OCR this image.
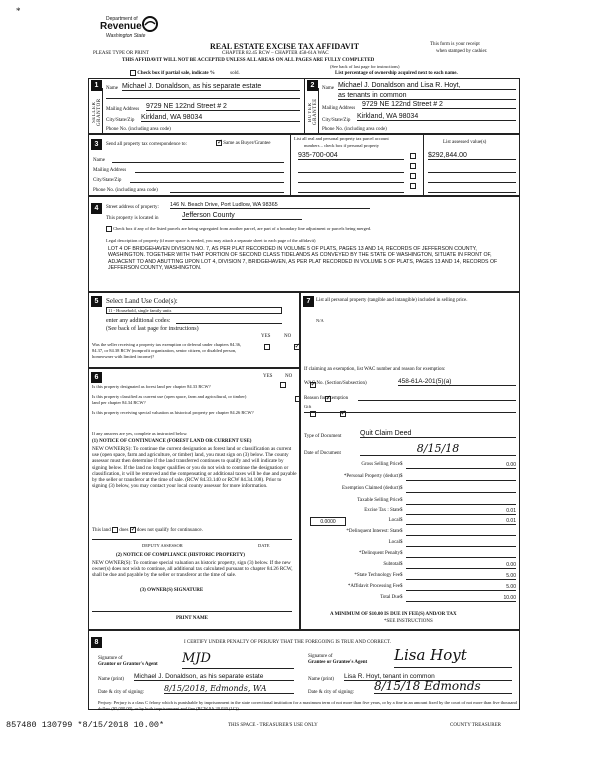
*
Department of
Revenue
Washington State
PLEASE TYPE OR PRINT
REAL ESTATE EXCISE TAX AFFIDAVIT
CHAPTER 82.45 RCW – CHAPTER 458-61A WAC
THIS AFFIDAVIT WILL NOT BE ACCEPTED UNLESS ALL AREAS ON ALL PAGES ARE FULLY COMPLETED
(See back of last page for instructions)
This form is your receipt
when stamped by cashier.
Check box if partial sale, indicate %	sold.	List percentage of ownership acquired next to each name.
1
SELLER GRANTOR
Name Michael J. Donaldson, as his separate estate
Mailing Address 9729 NE 122nd Street # 2
City/State/Zip Kirkland, WA 98034
Phone No. (including area code)
2
BUYER GRANTEE
Name Michael J. Donaldson and Lisa R. Hoyt,
as tenants in common
Mailing Address
9729 NE 122nd Street # 2
City/State/Zip
Kirkland, WA 98034
Phone No. (including area code)
3	Send all property tax correspondence to: ✓	Same as Buyer/Grantee
Name
Mailing Address
City/State/Zip
Phone No. (including area code)
List all real and personal property tax parcel account
numbers – check box if personal property
List assessed value(s)
935-700-004	$292,844.00
4	Street address of property: 146 N. Beach Drive, Port Ludlow, WA 98365
This property is located in	Jefferson County
Check box if any of the listed parcels are being segregated from another parcel, are part of a boundary line adjustment or parcels being merged.
Legal description of property (if more space is needed, you may attach a separate sheet to each page of the affidavit)
LOT 4 OF BRIDGEHAVEN DIVISION NO. 7, AS PER PLAT RECORDED IN VOLUME 5 OF PLATS, PAGES 13 AND 14, RECORDS OF JEFFERSON COUNTY, WASHINGTON. TOGETHER WITH THAT PORTION OF SECOND CLASS TIDELANDS AS CONVEYED BY THE STATE OF WASHINGTON, SITUATE IN FRONT OF, ADJACENT TO AND ABUTTING UPON LOT 4, DIVISION 7, BRIDGEHAVEN, AS PER PLAT RECORDED IN VOLUME 5 OF PLATS, PAGES 13 AND 14, RECORDS OF JEFFERSON COUNTY, WASHINGTON.
5	Select Land Use Code(s):
11 - Household, single family units
enter any additional codes:
(See back of last page for instructions)
YES	NO
Was the seller receiving a property tax exemption or deferral under chapters 84.36, 84.37, or 84.38 RCW (nonprofit organization, senior citizen, or disabled person, homeowner with limited income)?
✓
6	YES	NO
Is this property designated as forest land per chapter 84.33 RCW?
✓
Is this property classified as current use (open space, farm and agricultural, or timber) land per chapter 84.34 RCW?
✓
Is this property receiving special valuation as historical property per chapter 84.26 RCW?
✓
If any answers are yes, complete as instructed below.
(1) NOTICE OF CONTINUANCE (FOREST LAND OR CURRENT USE)
NEW OWNER(S): To continue the current designation as forest land or classification as current use (open space, farm and agriculture, or timber) land, you must sign on (3) below. The county assessor must then determine if the land transferred continues to qualify and will indicate by signing below. If the land no longer qualifies or you do not wish to continue the designation or classification, it will be removed and the compensating or additional taxes will be due and payable by the seller or transferor at the time of sale. (RCW 84.33.140 or RCW 84.34.108). Prior to signing (3) below, you may contact your local county assessor for more information.
This land does ✓ does not qualify for continuance.
DEPUTY ASSESSOR	DATE
(2) NOTICE OF COMPLIANCE (HISTORIC PROPERTY)
NEW OWNER(S): To continue special valuation as historic property, sign (3) below. If the new owner(s) does not wish to continue, all additional tax calculated pursuant to chapter 84.26 RCW, shall be due and payable by the seller or transferor at the time of sale.
(3) OWNER(S) SIGNATURE
PRINT NAME
7	List all personal property (tangible and intangible) included in selling price.
N/A
If claiming an exemption, list WAC number and reason for exemption:
WAC No. (Section/Subsection)	458-61A-201(5)(a)
Reason for exemption
Gift
Type of Document	Quit Claim Deed
Date of Document	8/15/18
Gross Selling Price $	0.00
*Personal Property (deduct) $
Exemption Claimed (deduct) $
Taxable Selling Price $
Excise Tax : State $	0.01
0.0000	Local $	0.01
*Delinquent Interest: State $
Local $
*Delinquent Penalty $
Subtotal $	0.00
*State Technology Fee $	5.00
*Affidavit Processing Fee $	5.00
Total Due $	10.00
A MINIMUM OF $10.00 IS DUE IN FEE(S) AND/OR TAX
*SEE INSTRUCTIONS
8	I CERTIFY UNDER PENALTY OF PERJURY THAT THE FOREGOING IS TRUE AND CORRECT.
Signature of
Grantor or Grantor's Agent MJD	Signature of
Grantee or Grantee's Agent Lisa Hoyt
Name (print) Michael J. Donaldson, as his separate estate	Name (print) Lisa R. Hoyt, tenant in common
Date & city of signing: 8/15/2018, Edmonds, WA	Date & city of signing: 8/15/18 Edmonds
Perjury: Perjury is a class C felony which is punishable by imprisonment in the state correctional institution for a maximum term of not more than five years, or by a fine in an amount fixed by the court of not more than five thousand dollars ($5,000.00), or by both imprisonment and fine (RCW 9A.20.020 (1C)).
857480 130799 *8/15/2018 10.00*	THIS SPACE - TREASURER'S USE ONLY	COUNTY TREASURER
